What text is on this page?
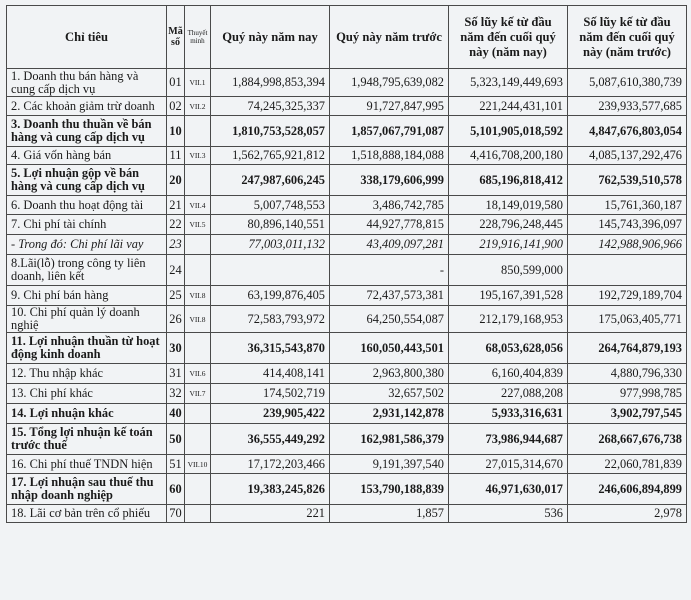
Chỉ tiêu	Mã số	Thuyết minh	Quý này năm nay	Quý này năm trước	Số lũy kế từ đầu năm đến cuối quý này (năm nay)	Số lũy kế từ đầu năm đến cuối quý này (năm trước)
1. Doanh thu bán hàng và cung cấp dịch vụ	01	VII.1	1,884,998,853,394	1,948,795,639,082	5,323,149,449,693	5,087,610,380,739
2. Các khoản giảm trừ doanh	02	VII.2	74,245,325,337	91,727,847,995	221,244,431,101	239,933,577,685
3. Doanh thu thuần về bán hàng và cung cấp dịch vụ	10		1,810,753,528,057	1,857,067,791,087	5,101,905,018,592	4,847,676,803,054
4. Giá vốn hàng bán	11	VII.3	1,562,765,921,812	1,518,888,184,088	4,416,708,200,180	4,085,137,292,476
5. Lợi nhuận gộp về bán hàng và cung cấp dịch vụ	20		247,987,606,245	338,179,606,999	685,196,818,412	762,539,510,578
6. Doanh thu hoạt động tài	21	VII.4	5,007,748,553	3,486,742,785	18,149,019,580	15,761,360,187
7. Chi phí tài chính	22	VII.5	80,896,140,551	44,927,778,815	228,796,248,445	145,743,396,097
- Trong đó: Chi phí lãi vay	23		77,003,011,132	43,409,097,281	219,916,141,900	142,988,906,966
8.Lãi(lỗ) trong công ty liên doanh, liên kết	24			-	850,599,000	
9. Chi phí bán hàng	25	VII.8	63,199,876,405	72,437,573,381	195,167,391,528	192,729,189,704
10. Chi phí quản lý doanh nghiệ	26	VII.8	72,583,793,972	64,250,554,087	212,179,168,953	175,063,405,771
11. Lợi nhuận thuần từ hoạt động kinh doanh	30		36,315,543,870	160,050,443,501	68,053,628,056	264,764,879,193
12. Thu nhập khác	31	VII.6	414,408,141	2,963,800,380	6,160,404,839	4,880,796,330
13. Chi phí khác	32	VII.7	174,502,719	32,657,502	227,088,208	977,998,785
14. Lợi nhuận khác	40		239,905,422	2,931,142,878	5,933,316,631	3,902,797,545
15. Tổng lợi nhuận kế toán trước thuế	50		36,555,449,292	162,981,586,379	73,986,944,687	268,667,676,738
16. Chi phí thuế TNDN hiện	51	VII.10	17,172,203,466	9,191,397,540	27,015,314,670	22,060,781,839
17. Lợi nhuận sau thuế thu nhập doanh nghiệp	60		19,383,245,826	153,790,188,839	46,971,630,017	246,606,894,899
18. Lãi cơ bản trên cổ phiếu	70		221	1,857	536	2,978
